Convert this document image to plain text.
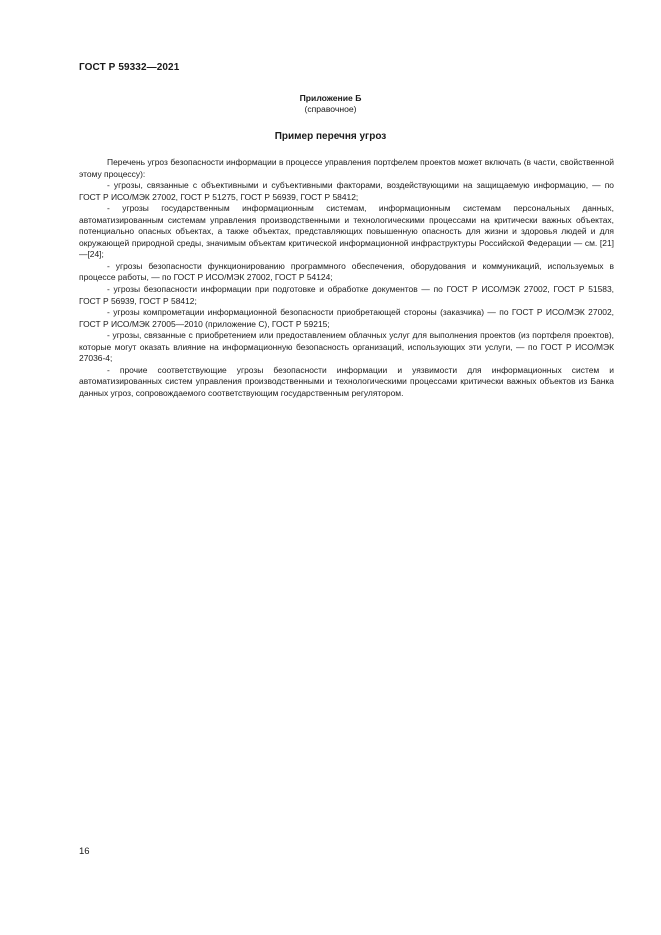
ГОСТ Р 59332—2021
Приложение Б
(справочное)
Пример перечня угроз

Перечень угроз безопасности информации в процессе управления портфелем проектов может включать (в части, свойственной этому процессу):

- угрозы, связанные с объективными и субъективными факторами, воздействующими на защищаемую информацию, — по ГОСТ Р ИСО/МЭК 27002, ГОСТ Р 51275, ГОСТ Р 56939, ГОСТ Р 58412;

- угрозы государственным информационным системам, информационным системам персональных данных, автоматизированным системам управления производственными и технологическими процессами на критически важных объектах, потенциально опасных объектах, а также объектах, представляющих повышенную опасность для жизни и здоровья людей и для окружающей природной среды, значимым объектам критической информационной инфраструктуры Российской Федерации — см. [21]—[24];

- угрозы безопасности функционированию программного обеспечения, оборудования и коммуникаций, используемых в процессе работы, — по ГОСТ Р ИСО/МЭК 27002, ГОСТ Р 54124;

- угрозы безопасности информации при подготовке и обработке документов — по ГОСТ Р ИСО/МЭК 27002, ГОСТ Р 51583, ГОСТ Р 56939, ГОСТ Р 58412;

- угрозы компрометации информационной безопасности приобретающей стороны (заказчика) — по ГОСТ Р ИСО/МЭК 27002, ГОСТ Р ИСО/МЭК 27005—2010 (приложение С), ГОСТ Р 59215;

- угрозы, связанные с приобретением или предоставлением облачных услуг для выполнения проектов (из портфеля проектов), которые могут оказать влияние на информационную безопасность организаций, использующих эти услуги, — по ГОСТ Р ИСО/МЭК 27036-4;

- прочие соответствующие угрозы безопасности информации и уязвимости для информационных систем и автоматизированных систем управления производственными и технологическими процессами критически важных объектов из Банка данных угроз, сопровождаемого соответствующим государственным регулятором.

16
